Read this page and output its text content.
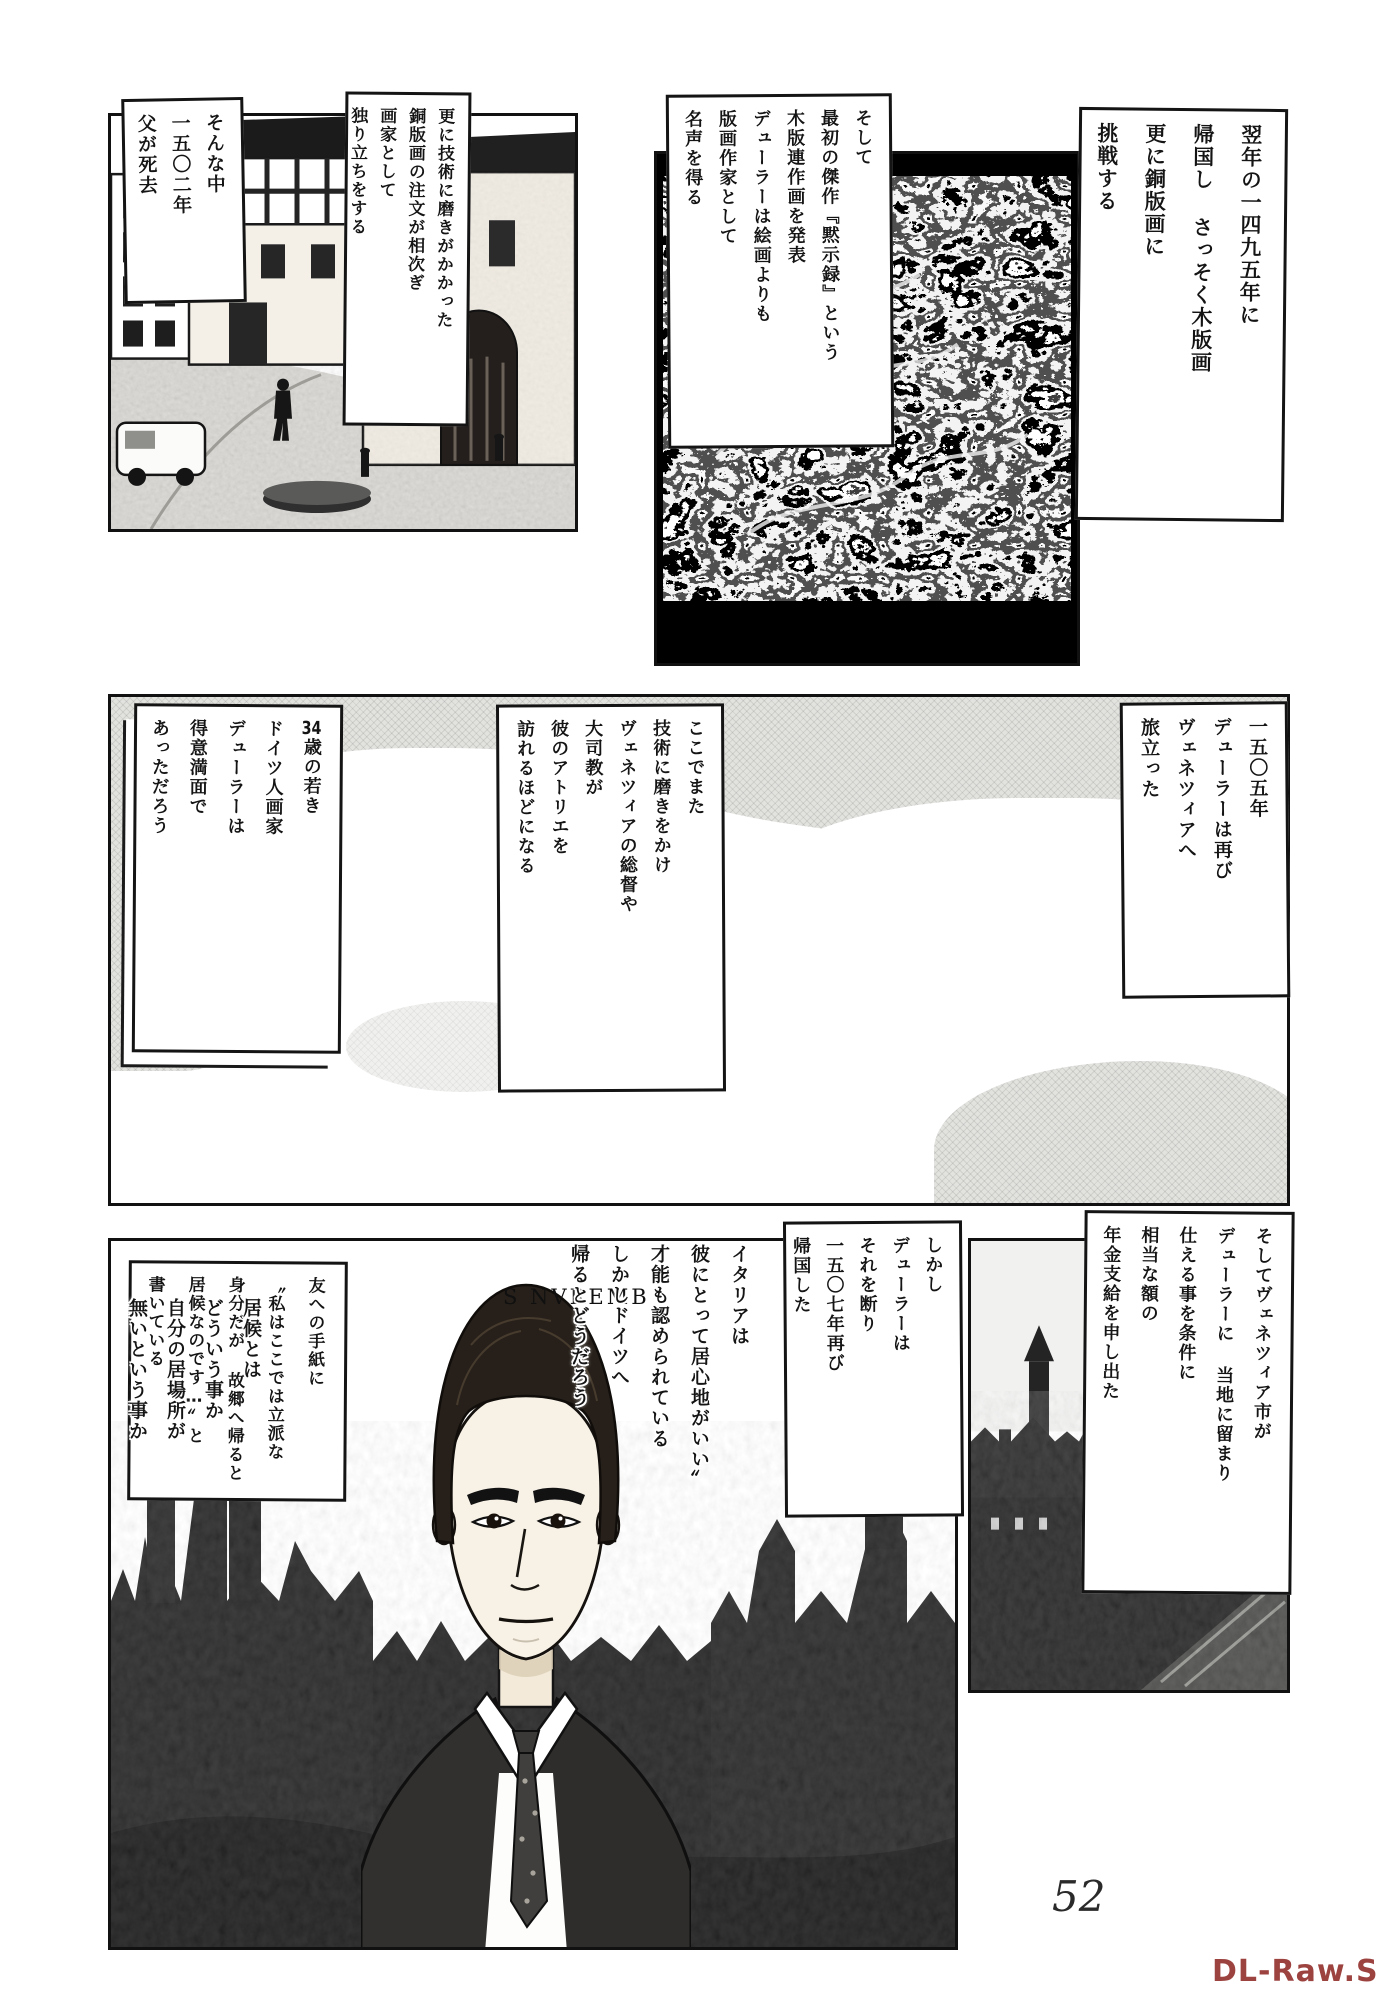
そんな中
一五〇二年
父が死去	更に技術に磨きがかかった
銅版画の注文が相次ぎ
画家として
独り立ちをする	そして
最初の傑作『黙示録』という
木版連作画を発表
デューラーは絵画よりも
版画作家として
名声を得る	翌年の一四九五年に
帰国し さっそく木版画
更に銅版画に
挑戦する
一五〇五年
デューラーは再び
ヴェネツィアへ
旅立った
ここでまた
技術に磨きをかけ
ヴェネツィアの総督や
大司教が
彼のアトリエを
訪れるほどになる
34歳の若き
ドイツ人画家
デューラーは
得意満面で
あっただろう
S NVREMB	そしてヴェネツィア市が
デューラーに 当地に留まり
仕える事を条件に
相当な額の
年金支給を申し出た
しかし
デューラーは
それを断り
一五〇七年再び
帰国した
イタリアは
彼にとって居心地がいい〟
才能も認められている
しかしドイツへ
帰るとどうだろう
友への手紙に
〝私はここでは立派な
身分だが 故郷へ帰ると
居候なのです…〟と
書いている	居候とは
どういう事か
自分の居場所が
無いという事か
52
DL-Raw.S
